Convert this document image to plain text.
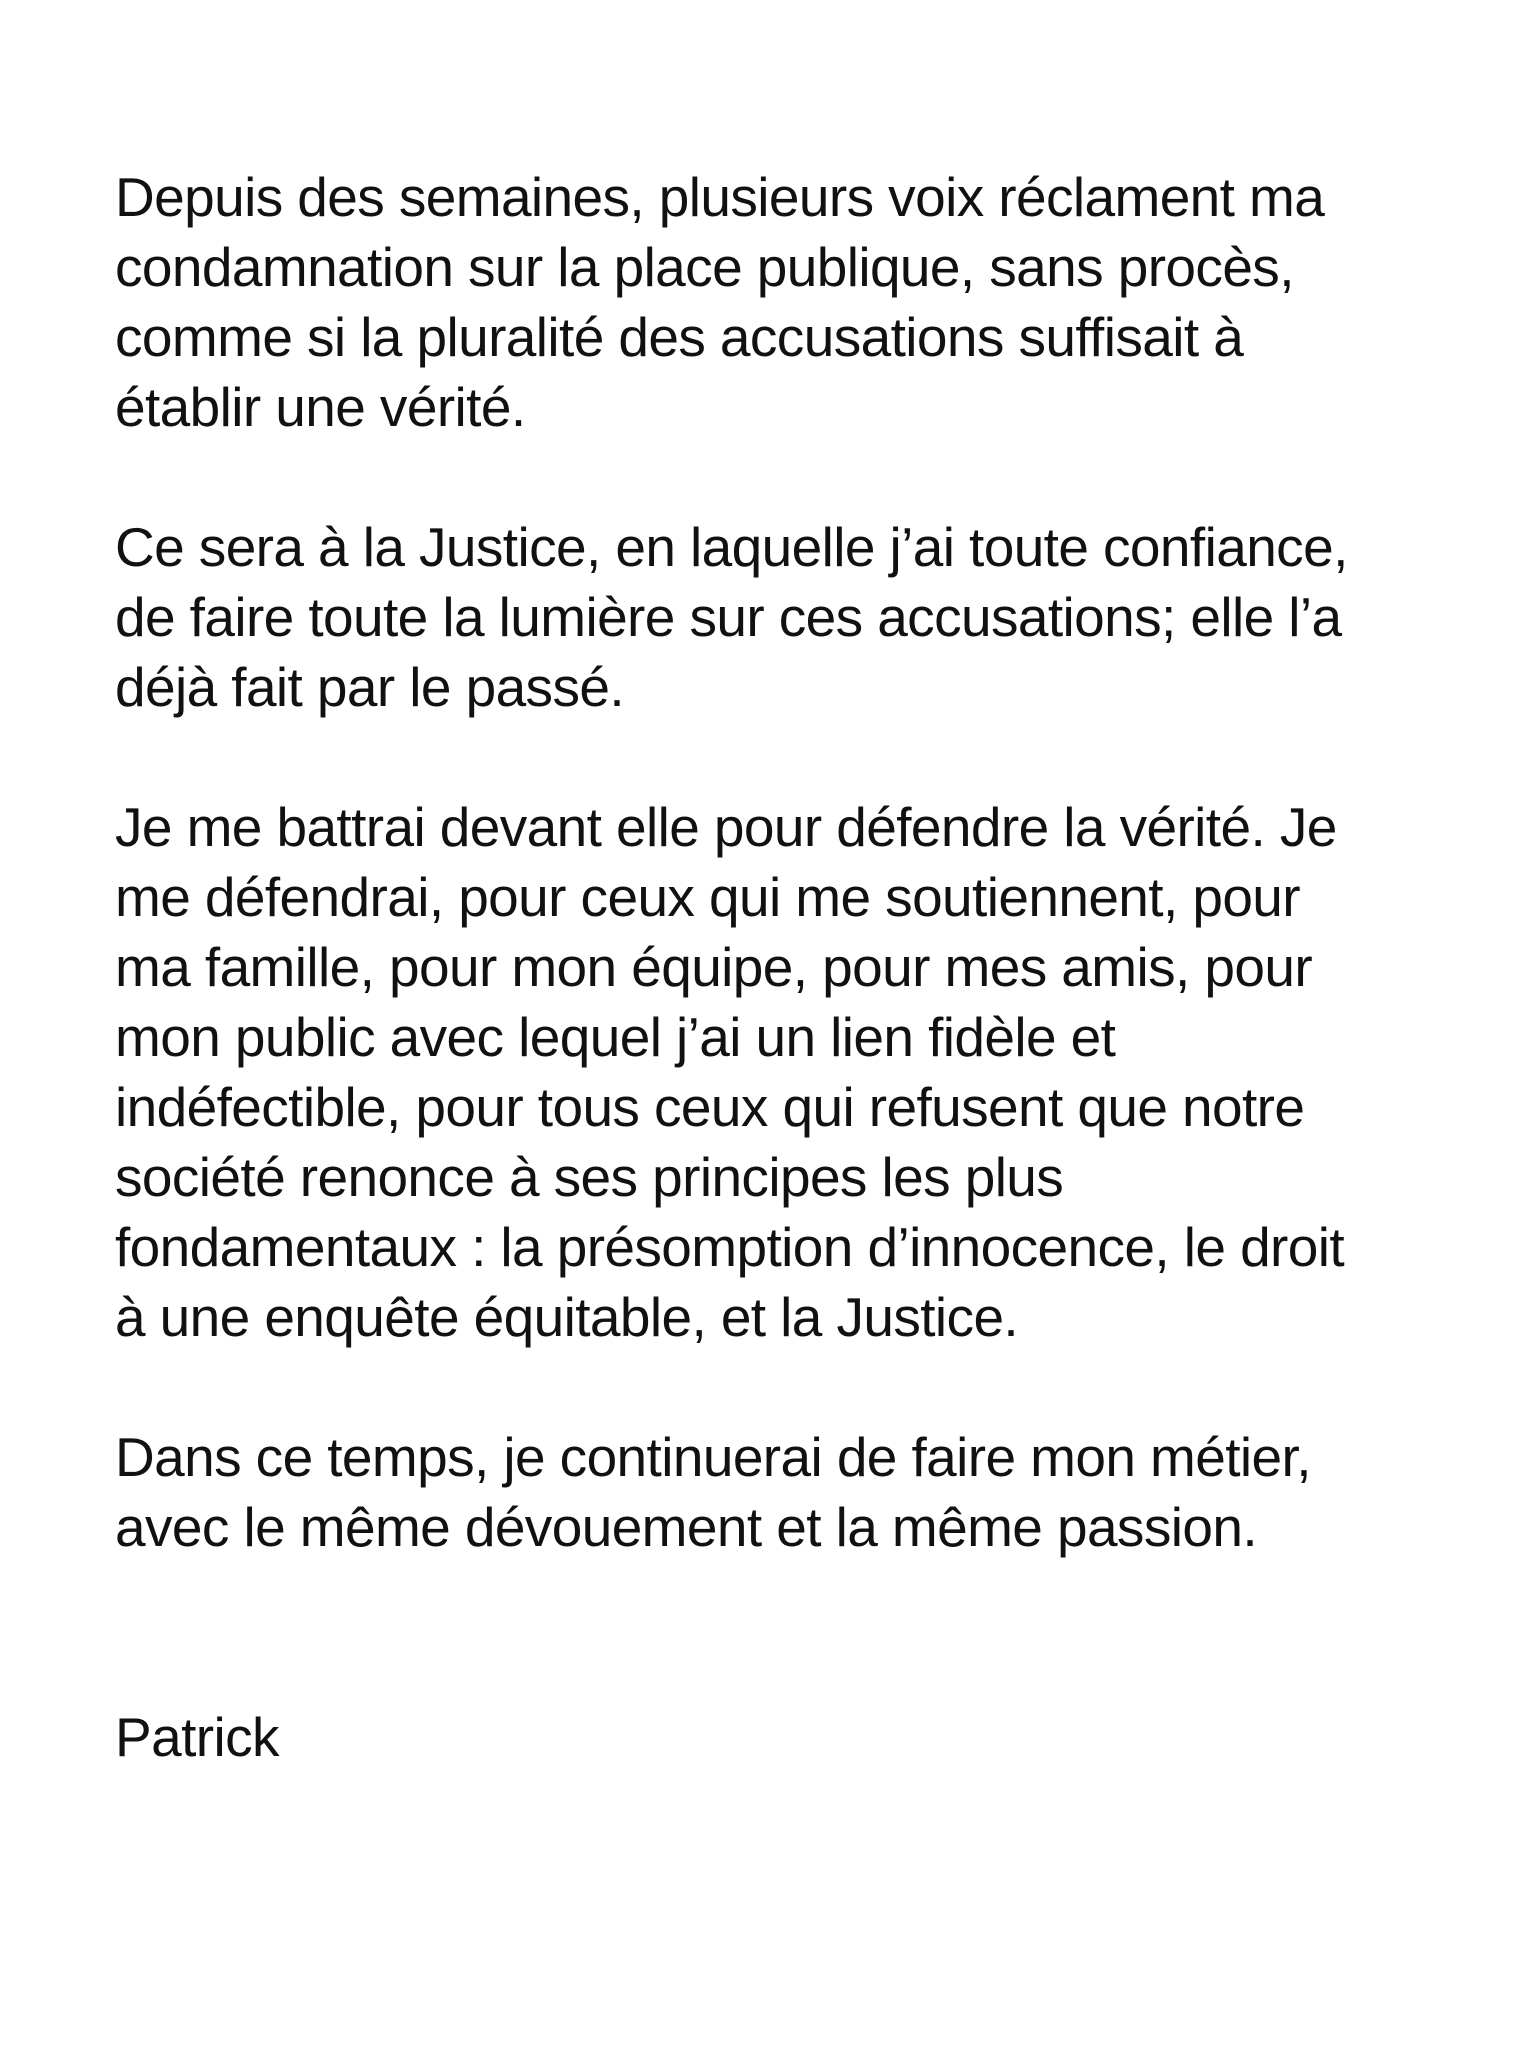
Depuis des semaines, plusieurs voix réclament ma
condamnation sur la place publique, sans procès,
comme si la pluralité des accusations suffisait à
établir une vérité.
Ce sera à la Justice, en laquelle j’ai toute confiance,
de faire toute la lumière sur ces accusations; elle l’a
déjà fait par le passé.
Je me battrai devant elle pour défendre la vérité. Je
me défendrai, pour ceux qui me soutiennent, pour
ma famille, pour mon équipe, pour mes amis, pour
mon public avec lequel j’ai un lien fidèle et
indéfectible, pour tous ceux qui refusent que notre
société renonce à ses principes les plus
fondamentaux : la présomption d’innocence, le droit
à une enquête équitable, et la Justice.
Dans ce temps, je continuerai de faire mon métier,
avec le même dévouement et la même passion.
Patrick
